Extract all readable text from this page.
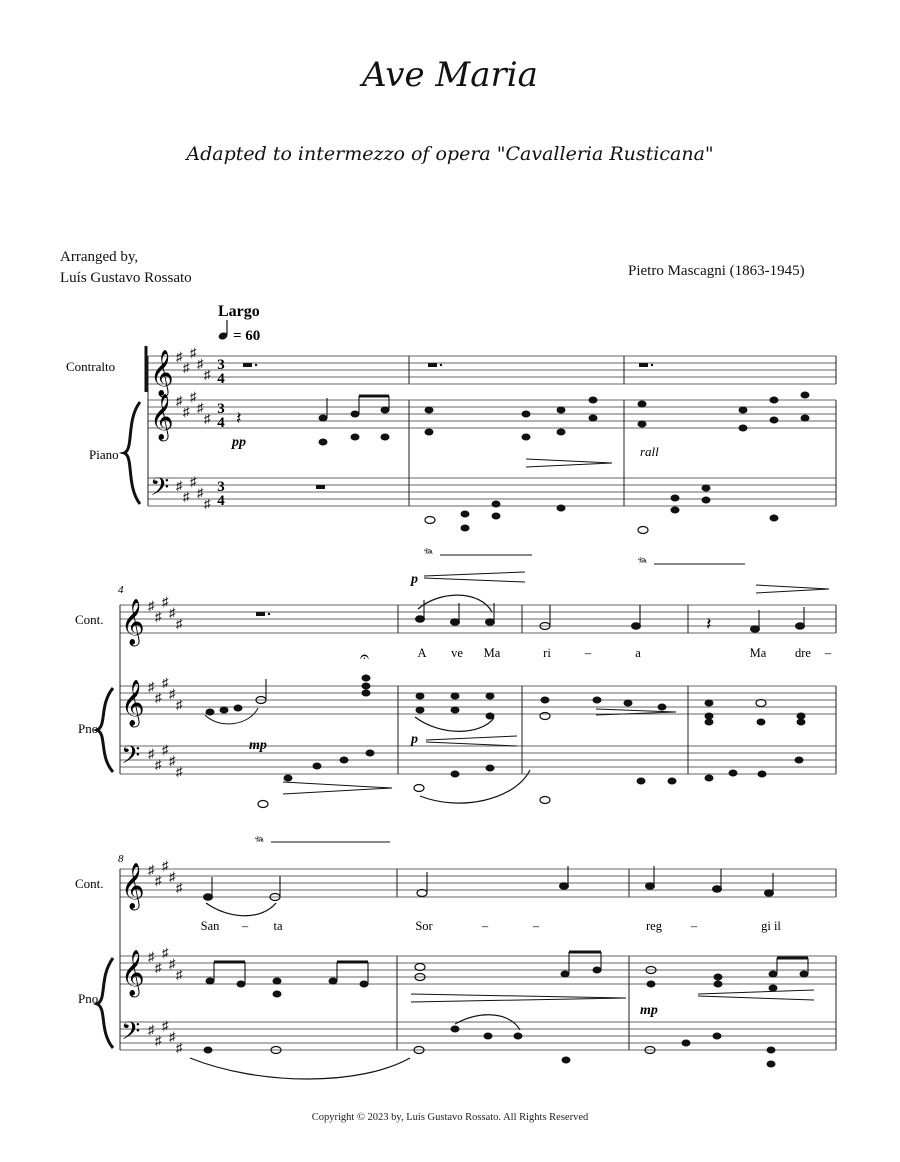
Ave Maria
Adapted to intermezzo of opera "Cavalleria Rusticana"
Arranged by,
Luís Gustavo Rossato	Pietro Mascagni (1863-1945)
Largo
= 60
Contralto
Piano
𝄞
𝄞
𝄢
♯
♯
♯
♯
♯
♯
♯
♯
♯
♯
♯
♯
♯
♯
♯
3
4
3
4
3
4
𝄽
pp
rall
𝆮
𝆮
4
Cont.
Pno
𝄞
𝄞
𝄢
♯
♯
♯
♯
♯
♯
♯
♯
♯
♯
♯
♯
♯
♯
♯
p
𝄽
A ve Ma	ri	–	a	Ma dre –
mp	p
𝄐
𝆮
8
Cont.
Pno
𝄞
𝄞
𝄢
♯
♯
♯
♯
♯
♯
♯
♯
♯
♯
♯
♯
♯
♯
♯
San – ta	Sor	–	–	reg –	gi il
mp
Copyright © 2023 by, Luís Gustavo Rossato. All Rights Reserved
